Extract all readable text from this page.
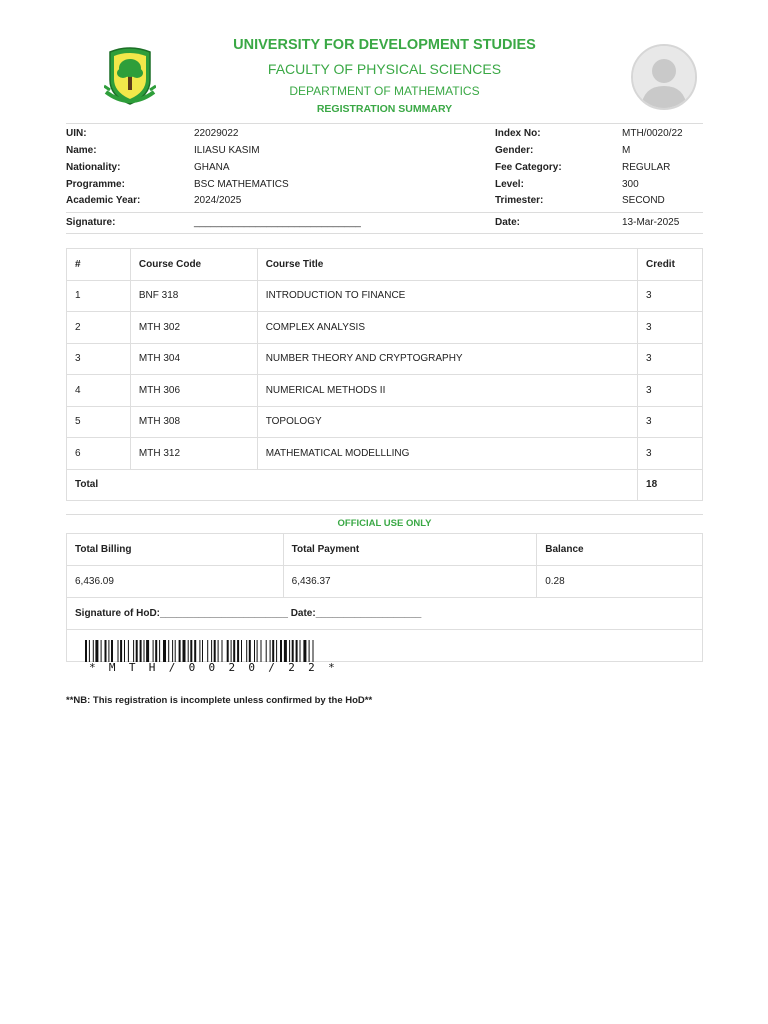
UNIVERSITY FOR DEVELOPMENT STUDIES
FACULTY OF PHYSICAL SCIENCES
DEPARTMENT OF MATHEMATICS
REGISTRATION SUMMARY
UIN:	22029022	Index No:	MTH/0020/22
Name:	ILIASU KASIM	Gender:	M
Nationality:	GHANA	Fee Category:	REGULAR
Programme:	BSC MATHEMATICS	Level:	300
Academic Year:	2024/2025	Trimester:	SECOND
Signature:	______________________________	Date:	13-Mar-2025
#	Course Code	Course Title	Credit
1	BNF 318	INTRODUCTION TO FINANCE	3
2	MTH 302	COMPLEX ANALYSIS	3
3	MTH 304	NUMBER THEORY AND CRYPTOGRAPHY	3
4	MTH 306	NUMERICAL METHODS II	3
5	MTH 308	TOPOLOGY	3
6	MTH 312	MATHEMATICAL MODELLLING	3
Total			18
OFFICIAL USE ONLY
Total Billing	Total Payment	Balance
6,436.09	6,436.37	0.28
Signature of HoD:_______________________ Date:___________________		

*MTH/0020/22*		
**NB: This registration is incomplete unless confirmed by the HoD**
